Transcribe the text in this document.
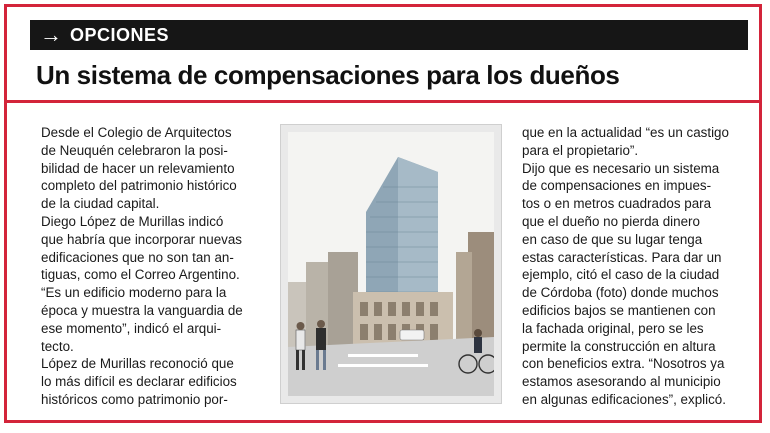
→ OPCIONES
Un sistema de compensaciones para los dueños

Desde el Colegio de Arquitectos

de Neuquén celebraron la posi-

bilidad de hacer un relevamiento

completo del patrimonio histórico

de la ciudad capital.

Diego López de Murillas indicó

que habría que incorporar nuevas

edificaciones que no son tan an-

tiguas, como el Correo Argentino.

“Es un edificio moderno para la

época y muestra la vanguardia de

ese momento”, indicó el arqui-

tecto.

López de Murillas reconoció que

lo más difícil es declarar edificios

históricos como patrimonio por-

que en la actualidad “es un castigo

para el propietario”.

Dijo que es necesario un sistema

de compensaciones en impues-

tos o en metros cuadrados para

que el dueño no pierda dinero

en caso de que su lugar tenga

estas características. Para dar un

ejemplo, citó el caso de la ciudad

de Córdoba (foto) donde muchos

edificios bajos se mantienen con

la fachada original, pero se les

permite la construcción en altura

con beneficios extra. “Nosotros ya

estamos asesorando al municipio

en algunas edificaciones”, explicó.
